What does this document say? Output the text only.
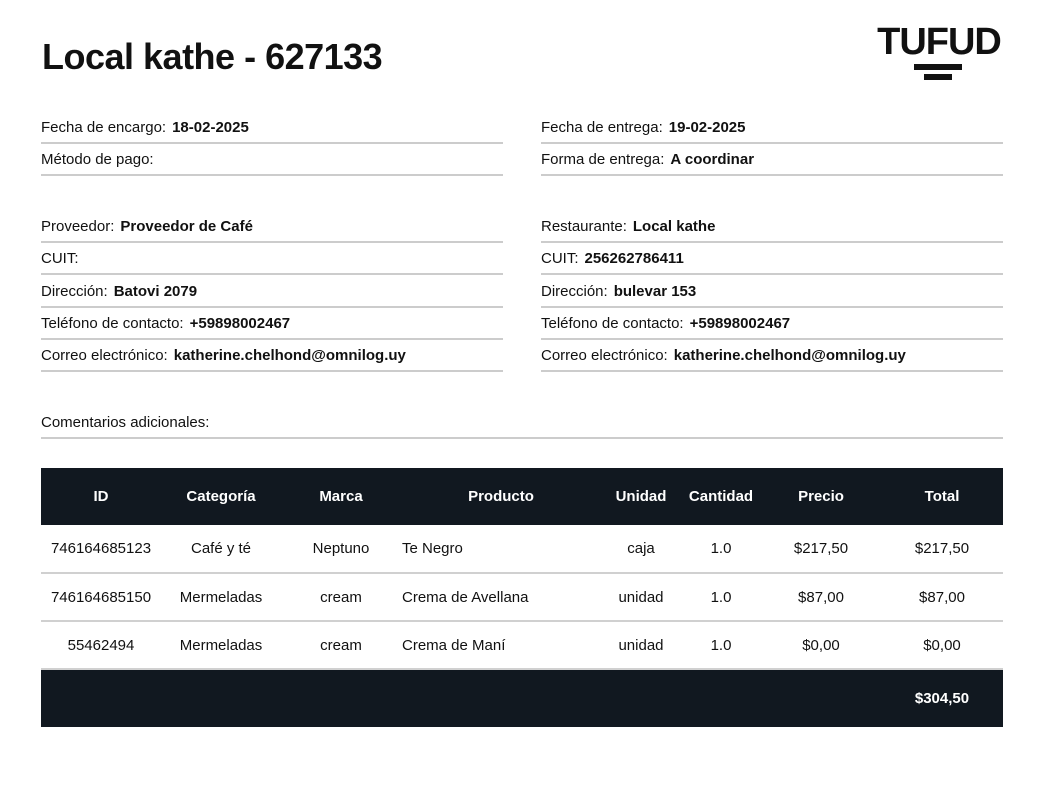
Local kathe - 627133	TUFUD
Fecha de encargo: 18-02-2025
Método de pago:
Fecha de entrega: 19-02-2025
Forma de entrega: A coordinar
Proveedor: Proveedor de Café
CUIT:
Dirección: Batovi 2079
Teléfono de contacto: +59898002467
Correo electrónico: katherine.chelhond@omnilog.uy
Restaurante: Local kathe
CUIT: 256262786411
Dirección: bulevar 153
Teléfono de contacto: +59898002467
Correo electrónico: katherine.chelhond@omnilog.uy
Comentarios adicionales:
ID	Categoría	Marca	Producto	Unidad	Cantidad	Precio	Total
746164685123	Café y té	Neptuno	Te Negro	caja	1.0	$217,50	$217,50
746164685150	Mermeladas	cream	Crema de Avellana	unidad	1.0	$87,00	$87,00
55462494	Mermeladas	cream	Crema de Maní	unidad	1.0	$0,00	$0,00
							$304,50
